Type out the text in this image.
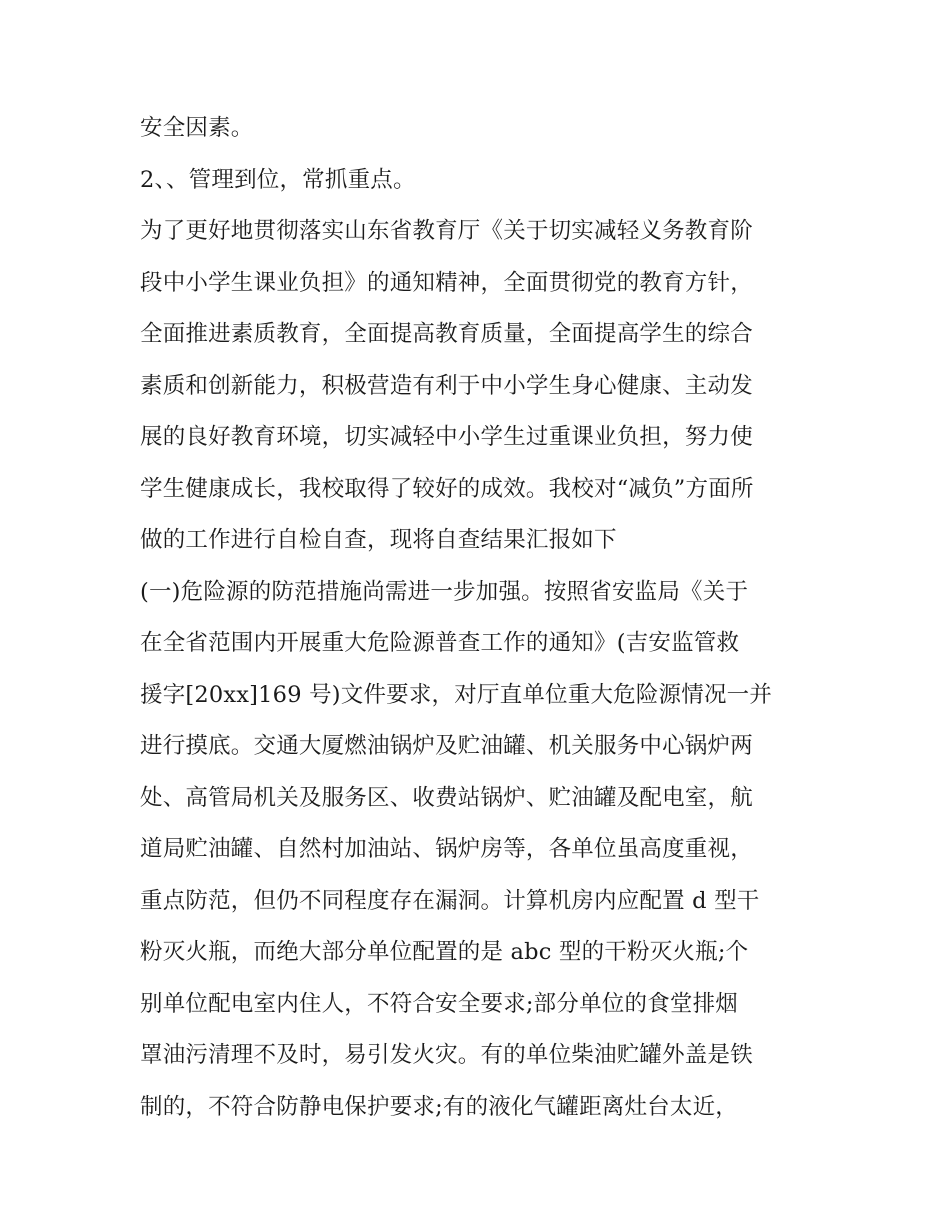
安全因素。
2、、管理到位，常抓重点。
为了更好地贯彻落实山东省教育厅《关于切实减轻义务教育阶
段中小学生课业负担》的通知精神，全面贯彻党的教育方针，
全面推进素质教育，全面提高教育质量，全面提高学生的综合
素质和创新能力，积极营造有利于中小学生身心健康、主动发
展的良好教育环境，切实减轻中小学生过重课业负担，努力使
学生健康成长，我校取得了较好的成效。我校对“减负”方面所
做的工作进行自检自查，现将自查结果汇报如下
(一)危险源的防范措施尚需进一步加强。按照省安监局《关于
在全省范围内开展重大危险源普查工作的通知》(吉安监管救
援字[20xx]169 号)文件要求，对厅直单位重大危险源情况一并
进行摸底。交通大厦燃油锅炉及贮油罐、机关服务中心锅炉两
处、高管局机关及服务区、收费站锅炉、贮油罐及配电室，航
道局贮油罐、自然村加油站、锅炉房等，各单位虽高度重视，
重点防范，但仍不同程度存在漏洞。计算机房内应配置 d 型干
粉灭火瓶，而绝大部分单位配置的是 abc 型的干粉灭火瓶;个
别单位配电室内住人，不符合安全要求;部分单位的食堂排烟
罩油污清理不及时，易引发火灾。有的单位柴油贮罐外盖是铁
制的，不符合防静电保护要求;有的液化气罐距离灶台太近，
